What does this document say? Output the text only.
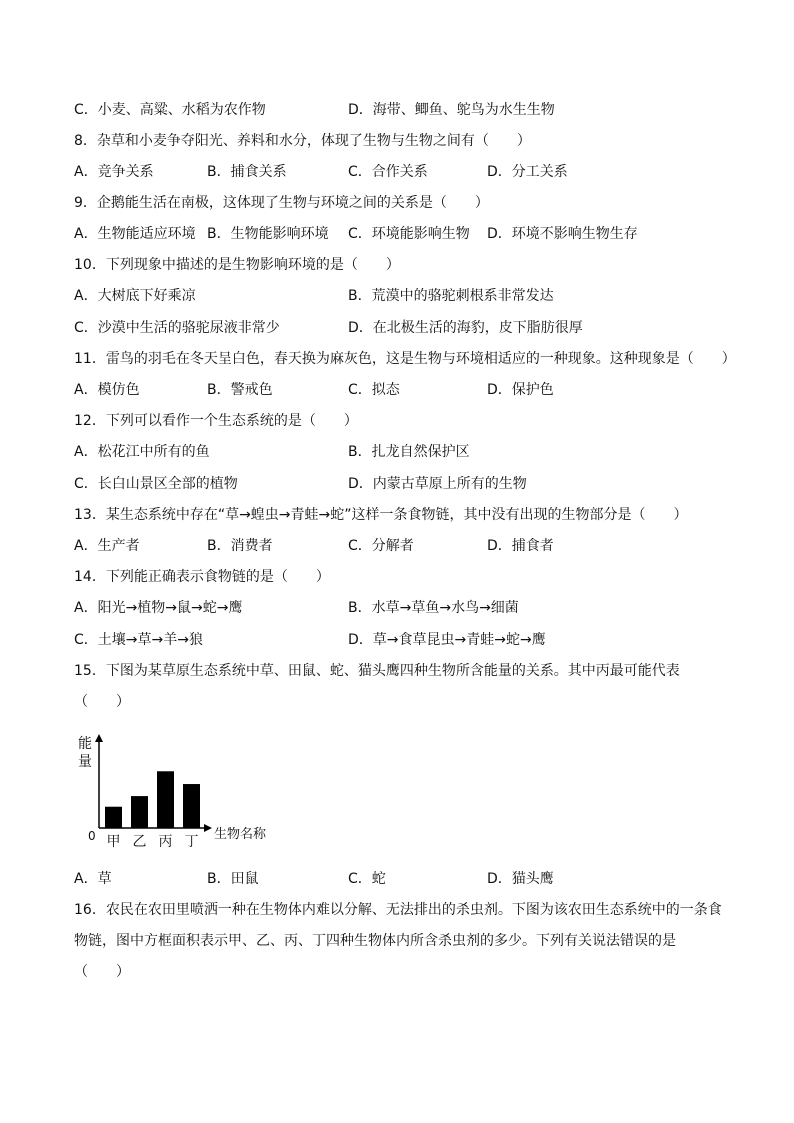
C．小麦、高粱、水稻为农作物	D．海带、鲫鱼、鸵鸟为水生生物
8．杂草和小麦争夺阳光、养料和水分，体现了生物与生物之间有（　　）
A．竞争关系	B．捕食关系	C．合作关系	D．分工关系
9．企鹅能生活在南极，这体现了生物与环境之间的关系是（　　）
A．生物能适应环境 B．生物能影响环境 C．环境能影响生物 D．环境不影响生物生存
10．下列现象中描述的是生物影响环境的是（　　）
A．大树底下好乘凉	B．荒漠中的骆驼刺根系非常发达
C．沙漠中生活的骆驼尿液非常少	D．在北极生活的海豹，皮下脂肪很厚
11．雷鸟的羽毛在冬天呈白色，春天换为麻灰色，这是生物与环境相适应的一种现象。这种现象是（　　）
A．模仿色	B．警戒色	C．拟态	D．保护色
12．下列可以看作一个生态系统的是（　　）
A．松花江中所有的鱼	B．扎龙自然保护区
C．长白山景区全部的植物	D．内蒙古草原上所有的生物
13．某生态系统中存在“草→蝗虫→青蛙→蛇”这样一条食物链，其中没有出现的生物部分是（　　）
A．生产者	B．消费者	C．分解者	D．捕食者
14．下列能正确表示食物链的是（　　）
A．阳光→植物→鼠→蛇→鹰	B．水草→草鱼→水鸟→细菌
C．土壤→草→羊→狼	D．草→食草昆虫→青蛙→蛇→鹰
15．下图为某草原生态系统中草、田鼠、蛇、猫头鹰四种生物所含能量的关系。其中丙最可能代表
（　　）
A．草	B．田鼠	C．蛇	D．猫头鹰
16．农民在农田里喷洒一种在生物体内难以分解、无法排出的杀虫剂。下图为该农田生态系统中的一条食
物链，图中方框面积表示甲、乙、丙、丁四种生物体内所含杀虫剂的多少。下列有关说法错误的是
（　　）
能量
0	生物名称
甲 乙 丙 丁
